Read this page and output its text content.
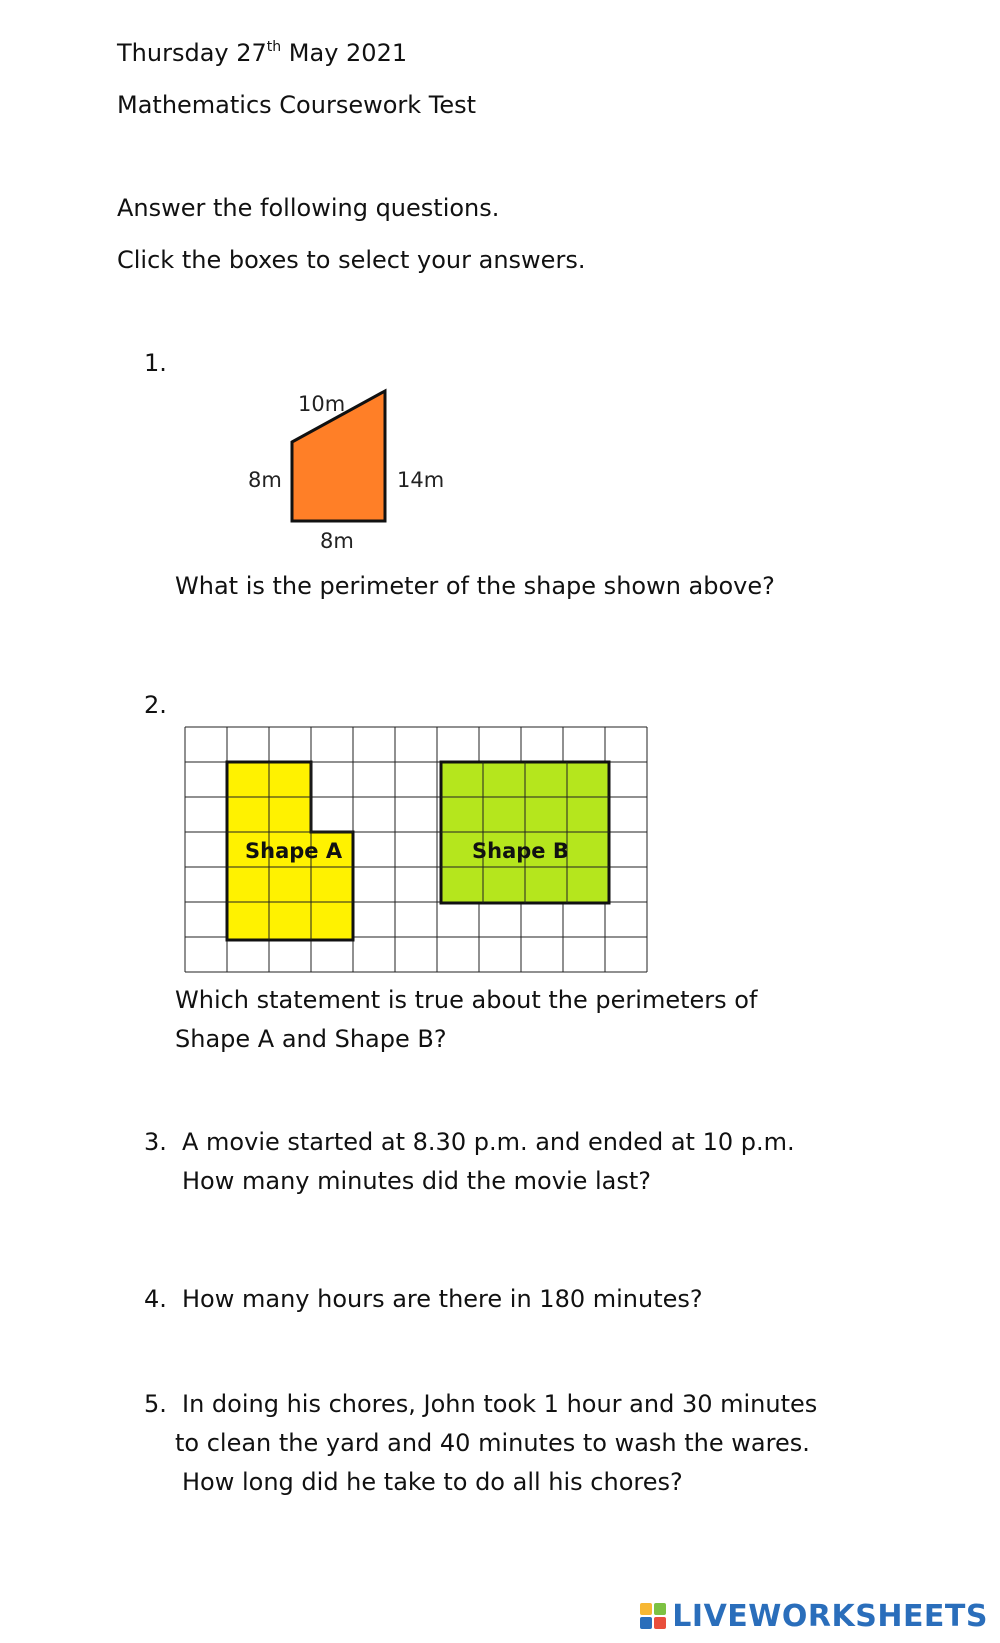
Thursday 27th May 2021
Mathematics Coursework Test
Answer the following questions.
Click the boxes to select your answers.
1.
10m
8m	14m
8m
What is the perimeter of the shape shown above?
2.
Shape A	Shape B
Which statement is true about the perimeters of
Shape A and Shape B?
3. A movie started at 8.30 p.m. and ended at 10 p.m.
How many minutes did the movie last?
4. How many hours are there in 180 minutes?
5. In doing his chores, John took 1 hour and 30 minutes
to clean the yard and 40 minutes to wash the wares.
How long did he take to do all his chores?
LIVEWORKSHEETS
